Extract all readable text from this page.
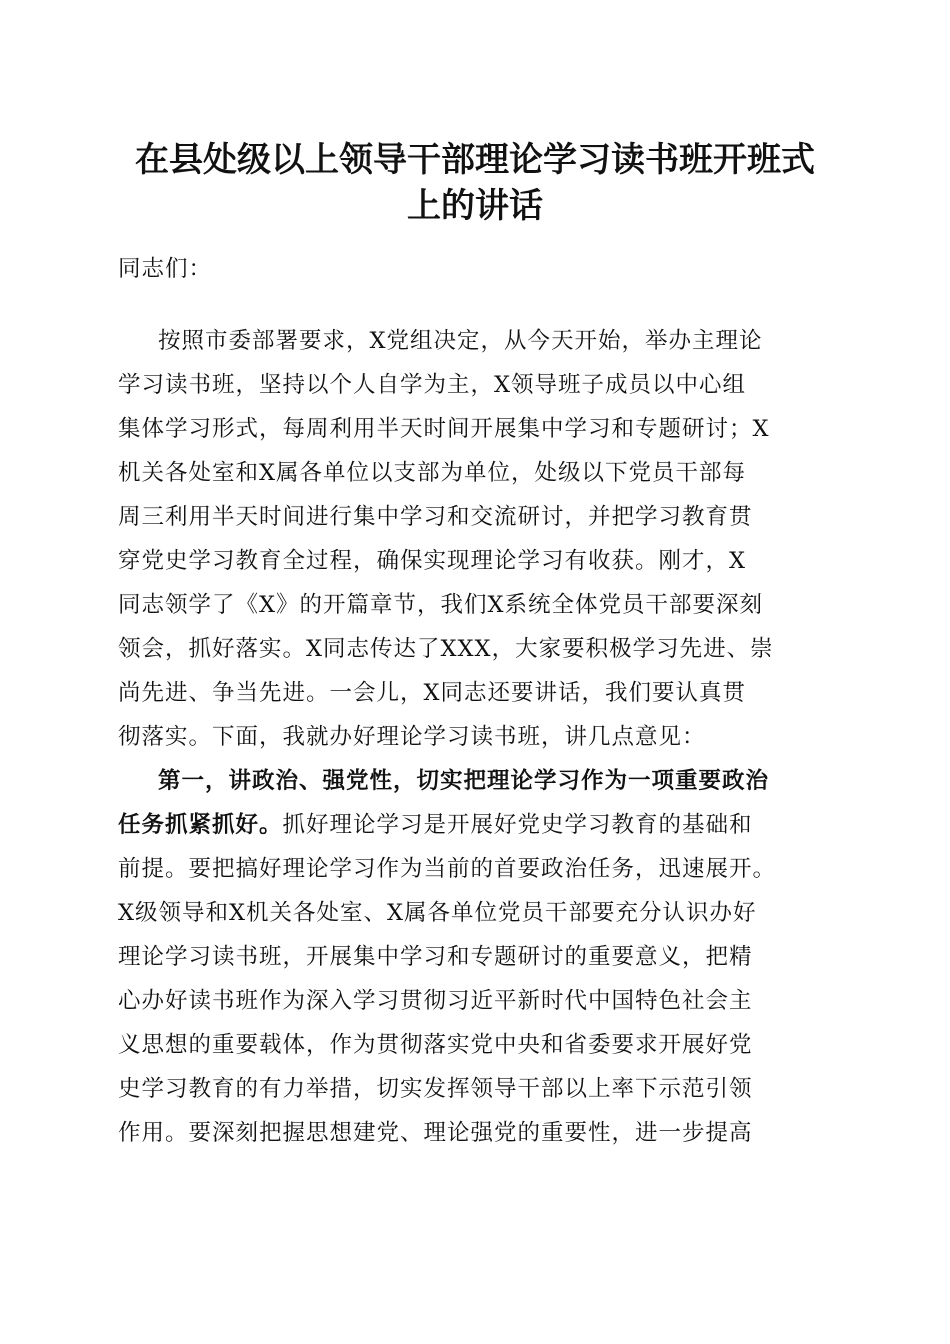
在县处级以上领导干部理论学习读书班开班式
上的讲话
同志们：
按照市委部署要求，X党组决定，从今天开始，举办主理论
学习读书班，坚持以个人自学为主，X领导班子成员以中心组
集体学习形式，每周利用半天时间开展集中学习和专题研讨；X
机关各处室和X属各单位以支部为单位，处级以下党员干部每
周三利用半天时间进行集中学习和交流研讨，并把学习教育贯
穿党史学习教育全过程，确保实现理论学习有收获。刚才，X
同志领学了《X》的开篇章节，我们X系统全体党员干部要深刻
领会，抓好落实。X同志传达了XXX，大家要积极学习先进、崇
尚先进、争当先进。一会儿，X同志还要讲话，我们要认真贯
彻落实。下面，我就办好理论学习读书班，讲几点意见：
第一，讲政治、强党性，切实把理论学习作为一项重要政治
任务抓紧抓好。抓好理论学习是开展好党史学习教育的基础和
前提。要把搞好理论学习作为当前的首要政治任务，迅速展开。
X级领导和X机关各处室、X属各单位党员干部要充分认识办好
理论学习读书班，开展集中学习和专题研讨的重要意义，把精
心办好读书班作为深入学习贯彻习近平新时代中国特色社会主
义思想的重要载体，作为贯彻落实党中央和省委要求开展好党
史学习教育的有力举措，切实发挥领导干部以上率下示范引领
作用。要深刻把握思想建党、理论强党的重要性，进一步提高
